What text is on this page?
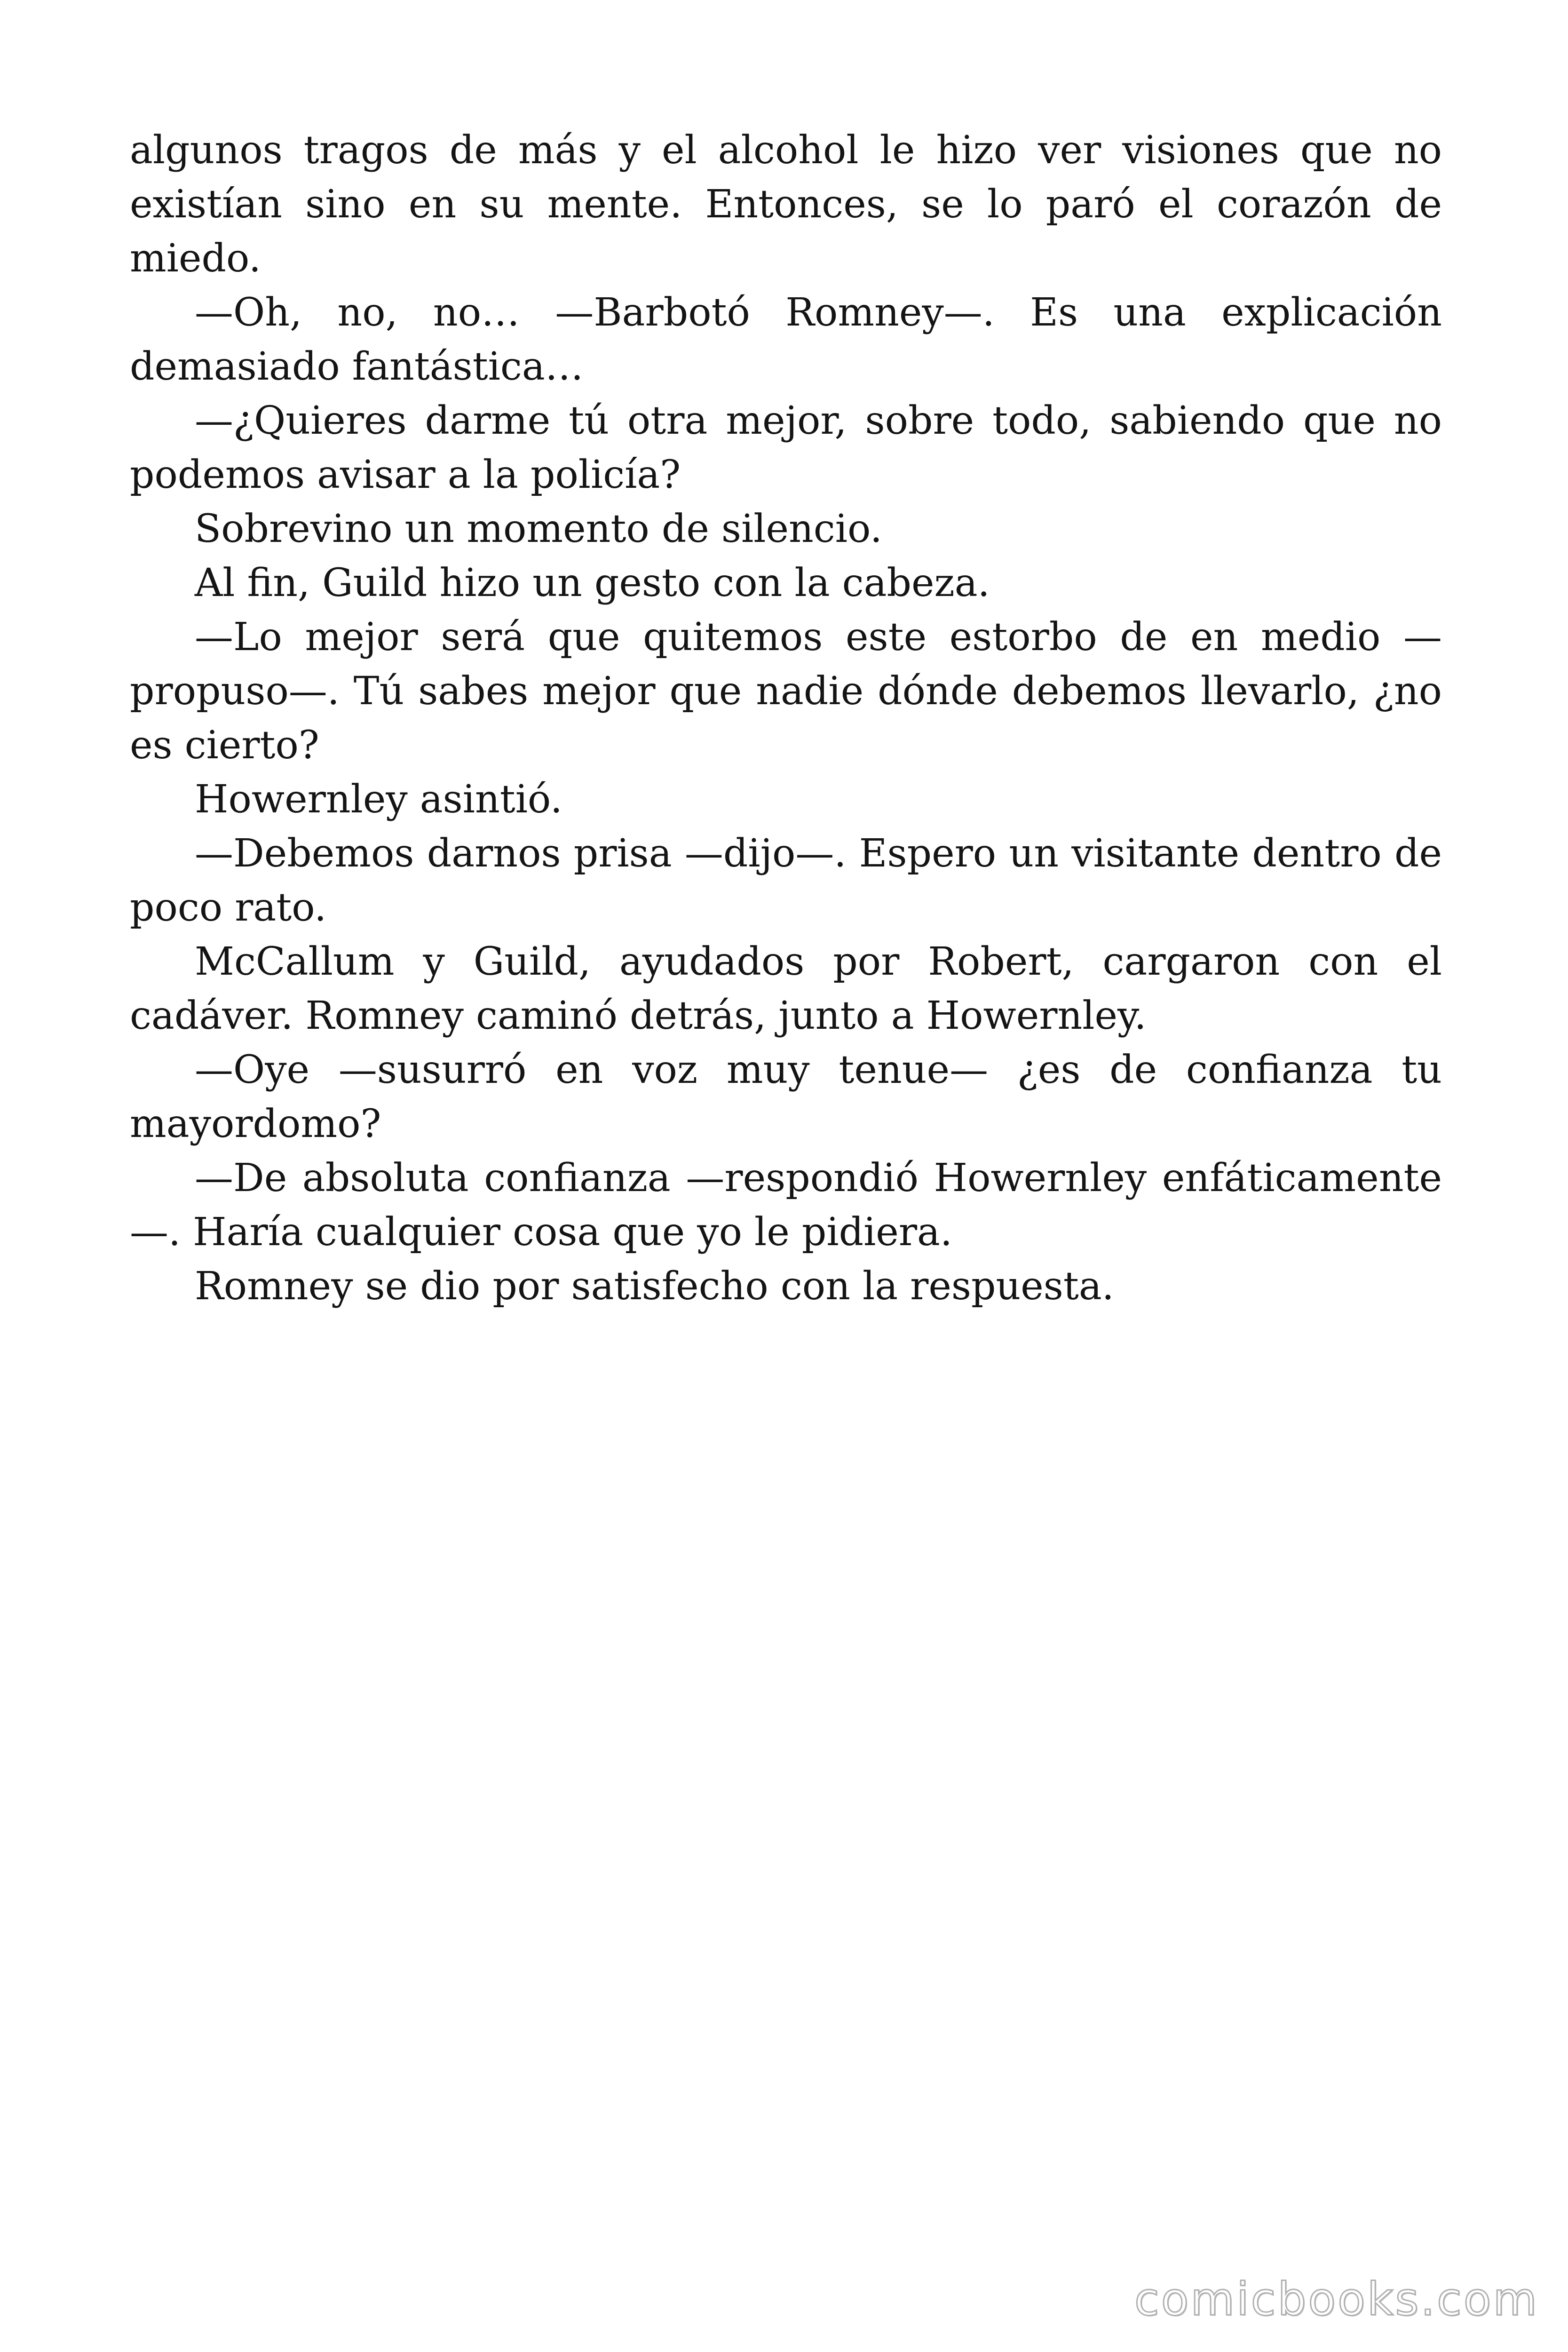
algunos tragos de más y el alcohol le hizo ver visiones que no existían sino en su mente. Entonces, se lo paró el corazón de miedo.

—Oh, no, no… —Barbotó Romney—. Es una explicación demasiado fantástica…

—¿Quieres darme tú otra mejor, sobre todo, sabiendo que no podemos avisar a la policía?

Sobrevino un momento de silencio.

Al fin, Guild hizo un gesto con la cabeza.

—Lo mejor será que quitemos este estorbo de en medio —propuso—. Tú sabes mejor que nadie dónde debemos llevarlo, ¿no es cierto?

Howernley asintió.

—Debemos darnos prisa —dijo—. Espero un visitante dentro de poco rato.

McCallum y Guild, ayudados por Robert, cargaron con el cadáver. Romney caminó detrás, junto a Howernley.

—Oye —susurró en voz muy tenue— ¿es de confianza tu mayordomo?

—De absoluta confianza —respondió Howernley enfáticamente —. Haría cualquier cosa que yo le pidiera.

Romney se dio por satisfecho con la respuesta.

comicbooks.com
